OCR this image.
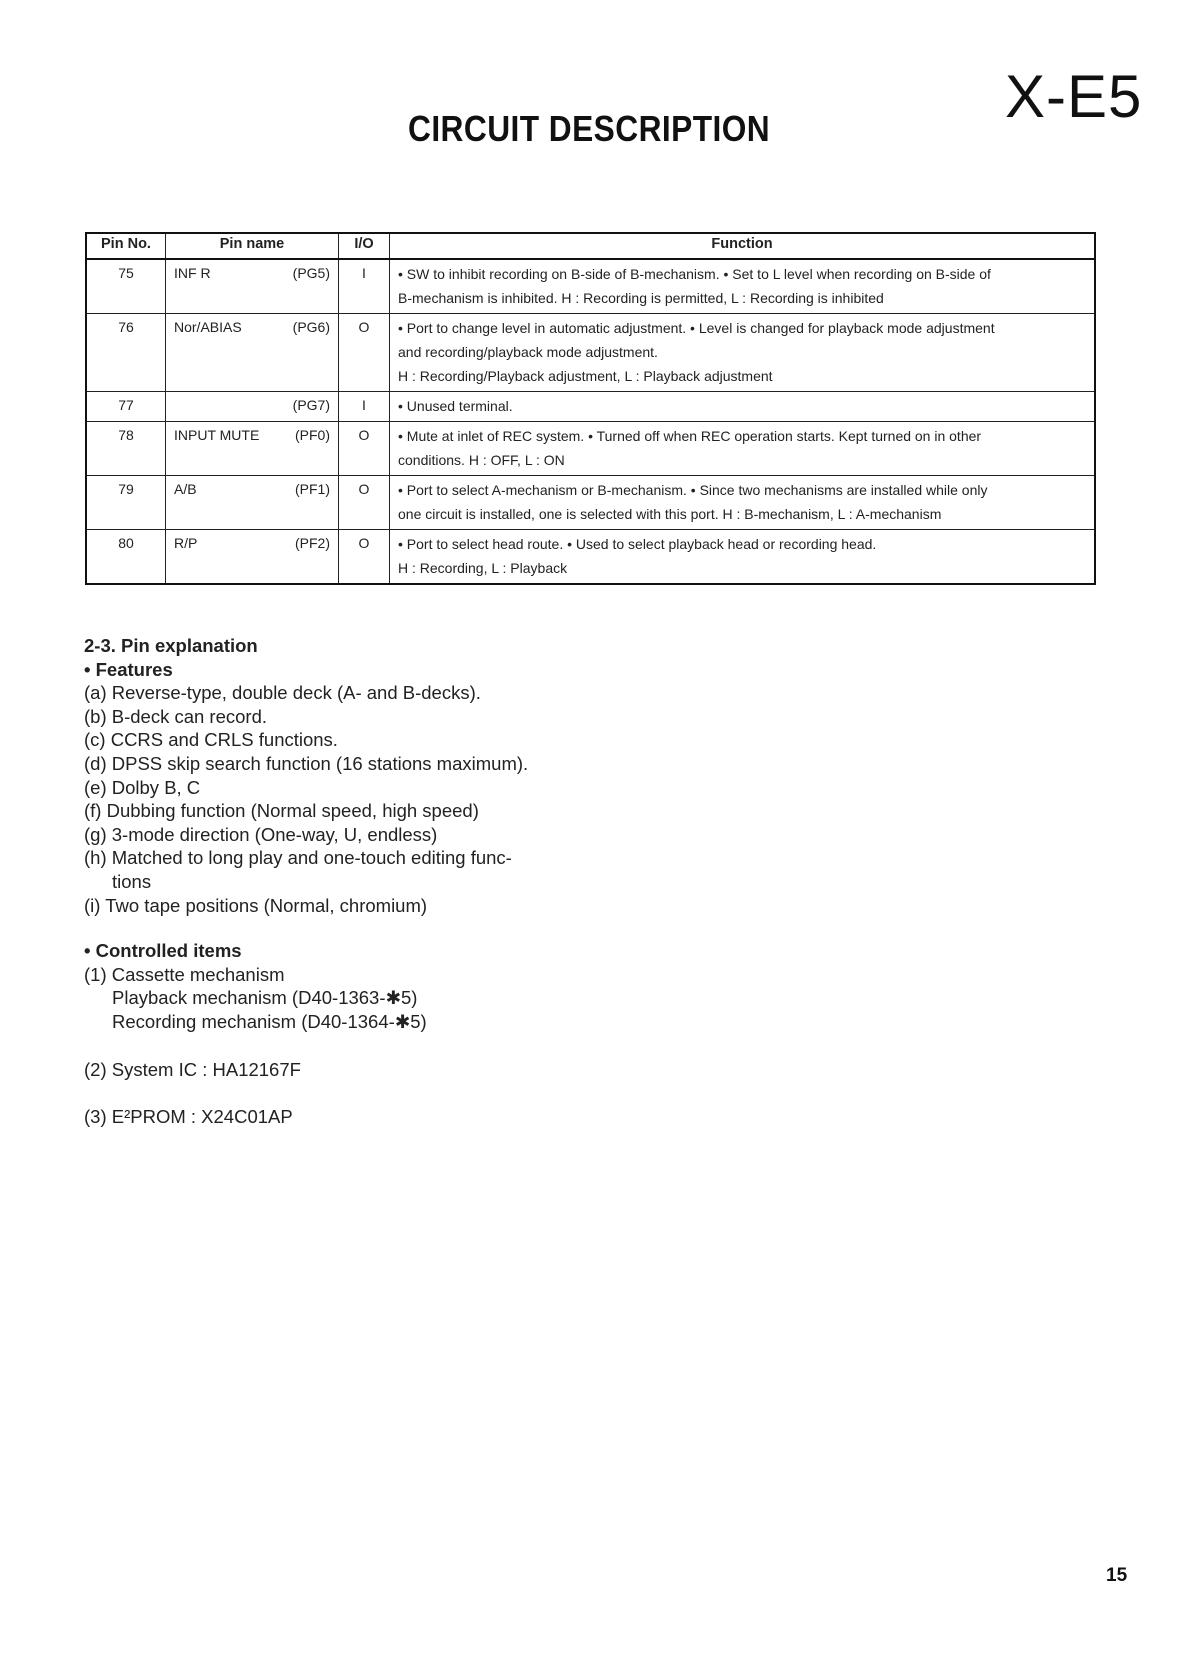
X-E5
CIRCUIT DESCRIPTION
Pin No.	Pin name	I/O	Function
75	INF R (PG5)	I	• SW to inhibit recording on B-side of B-mechanism. • Set to L level when recording on B-side of
B-mechanism is inhibited. H : Recording is permitted, L : Recording is inhibited

76	Nor/ABIAS (PG6)	O	• Port to change level in automatic adjustment. • Level is changed for playback mode adjustment
and recording/playback mode adjustment.
H : Recording/Playback adjustment, L : Playback adjustment

77	(PG7)	I	• Unused terminal.

78	INPUT MUTE (PF0)	O	• Mute at inlet of REC system. • Turned off when REC operation starts. Kept turned on in other
conditions. H : OFF, L : ON

79	A/B (PF1)	O	• Port to select A-mechanism or B-mechanism. • Since two mechanisms are installed while only
one circuit is installed, one is selected with this port. H : B-mechanism, L : A-mechanism

80	R/P (PF2)	O	• Port to select head route. • Used to select playback head or recording head.
H : Recording, L : Playback
2-3. Pin explanation
• Features
(a) Reverse-type, double deck (A- and B-decks).
(b) B-deck can record.
(c) CCRS and CRLS functions.
(d) DPSS skip search function (16 stations maximum).
(e) Dolby B, C
(f) Dubbing function (Normal speed, high speed)
(g) 3-mode direction (One-way, U, endless)
(h) Matched to long play and one-touch editing func-
tions
(i) Two tape positions (Normal, chromium)
• Controlled items
(1) Cassette mechanism
Playback mechanism (D40-1363-✱5)
Recording mechanism (D40-1364-✱5)
(2) System IC : HA12167F
(3) E²PROM : X24C01AP
15
